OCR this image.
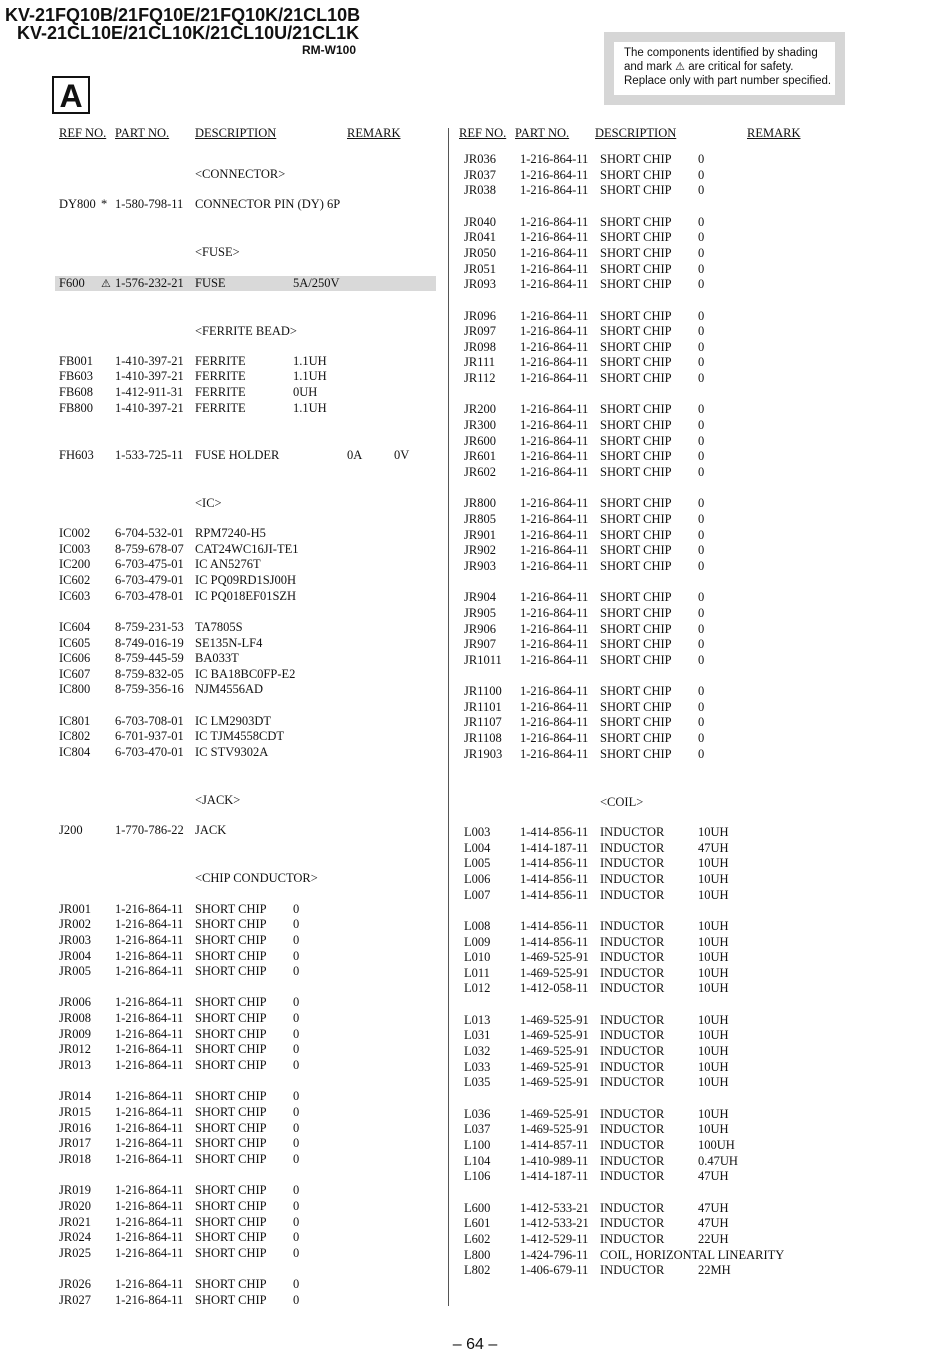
KV-21FQ10B/21FQ10E/21FQ10K/21CL10B
KV-21CL10E/21CL10K/21CL10U/21CL1K
RM-W100	The components identified by shading
and mark ⚠ are critical for safety.
Replace only with part number specified.
A
REF NO. PART NO. DESCRIPTION	REMARK	REF NO. PART NO. DESCRIPTION	REMARK
<CONNECTOR>
DY800 * 1-580-798-11 CONNECTOR PIN (DY) 6P
<FUSE>
F600 ⚠ 1-576-232-21 FUSE	5A/250V
<FERRITE BEAD>
FB001 1-410-397-21 FERRITE	1.1UH
FB603 1-410-397-21 FERRITE	1.1UH
FB608 1-412-911-31 FERRITE	0UH
FB800 1-410-397-21 FERRITE	1.1UH
FH603 1-533-725-11 FUSE HOLDER	0A	0V
<IC>
IC002 6-704-532-01 RPM7240-H5
IC003 8-759-678-07 CAT24WC16JI-TE1
IC200 6-703-475-01 IC AN5276T
IC602 6-703-479-01 IC PQ09RD1SJ00H
IC603 6-703-478-01 IC PQ018EF01SZH
IC604 8-759-231-53 TA7805S
IC605 8-749-016-19 SE135N-LF4
IC606 8-759-445-59 BA033T
IC607 8-759-832-05 IC BA18BC0FP-E2
IC800 8-759-356-16 NJM4556AD
IC801 6-703-708-01 IC LM2903DT
IC802 6-701-937-01 IC TJM4558CDT
IC804 6-703-470-01 IC STV9302A
<JACK>
J200	1-770-786-22 JACK
<CHIP CONDUCTOR>
JR001 1-216-864-11 SHORT CHIP 0
JR002 1-216-864-11 SHORT CHIP 0
JR003 1-216-864-11 SHORT CHIP 0
JR004 1-216-864-11 SHORT CHIP 0
JR005 1-216-864-11 SHORT CHIP 0
JR006 1-216-864-11 SHORT CHIP 0
JR008 1-216-864-11 SHORT CHIP 0
JR009 1-216-864-11 SHORT CHIP 0
JR012 1-216-864-11 SHORT CHIP 0
JR013 1-216-864-11 SHORT CHIP 0
JR014 1-216-864-11 SHORT CHIP 0
JR015 1-216-864-11 SHORT CHIP 0
JR016 1-216-864-11 SHORT CHIP 0
JR017 1-216-864-11 SHORT CHIP 0
JR018 1-216-864-11 SHORT CHIP 0
JR019 1-216-864-11 SHORT CHIP 0
JR020 1-216-864-11 SHORT CHIP 0
JR021 1-216-864-11 SHORT CHIP 0
JR024 1-216-864-11 SHORT CHIP 0
JR025 1-216-864-11 SHORT CHIP 0
JR026 1-216-864-11 SHORT CHIP 0
JR027 1-216-864-11 SHORT CHIP 0
JR036 1-216-864-11 SHORT CHIP 0
JR037 1-216-864-11 SHORT CHIP 0
JR038 1-216-864-11 SHORT CHIP 0
JR040 1-216-864-11 SHORT CHIP 0
JR041 1-216-864-11 SHORT CHIP 0
JR050 1-216-864-11 SHORT CHIP 0
JR051 1-216-864-11 SHORT CHIP 0
JR093 1-216-864-11 SHORT CHIP 0
JR096 1-216-864-11 SHORT CHIP 0
JR097 1-216-864-11 SHORT CHIP 0
JR098 1-216-864-11 SHORT CHIP 0
JR111 1-216-864-11 SHORT CHIP 0
JR112 1-216-864-11 SHORT CHIP 0
JR200 1-216-864-11 SHORT CHIP 0
JR300 1-216-864-11 SHORT CHIP 0
JR600 1-216-864-11 SHORT CHIP 0
JR601 1-216-864-11 SHORT CHIP 0
JR602 1-216-864-11 SHORT CHIP 0
JR800 1-216-864-11 SHORT CHIP 0
JR805 1-216-864-11 SHORT CHIP 0
JR901 1-216-864-11 SHORT CHIP 0
JR902 1-216-864-11 SHORT CHIP 0
JR903 1-216-864-11 SHORT CHIP 0
JR904 1-216-864-11 SHORT CHIP 0
JR905 1-216-864-11 SHORT CHIP 0
JR906 1-216-864-11 SHORT CHIP 0
JR907 1-216-864-11 SHORT CHIP 0
JR1011 1-216-864-11 SHORT CHIP 0
JR1100 1-216-864-11 SHORT CHIP 0
JR1101 1-216-864-11 SHORT CHIP 0
JR1107 1-216-864-11 SHORT CHIP 0
JR1108 1-216-864-11 SHORT CHIP 0
JR1903 1-216-864-11 SHORT CHIP 0
<COIL>
L003 1-414-856-11 INDUCTOR	10UH
L004 1-414-187-11 INDUCTOR	47UH
L005 1-414-856-11 INDUCTOR	10UH
L006 1-414-856-11 INDUCTOR	10UH
L007 1-414-856-11 INDUCTOR	10UH
L008 1-414-856-11 INDUCTOR	10UH
L009 1-414-856-11 INDUCTOR	10UH
L010 1-469-525-91 INDUCTOR	10UH
L011 1-469-525-91 INDUCTOR	10UH
L012 1-412-058-11 INDUCTOR	10UH
L013 1-469-525-91 INDUCTOR	10UH
L031 1-469-525-91 INDUCTOR	10UH
L032 1-469-525-91 INDUCTOR	10UH
L033 1-469-525-91 INDUCTOR	10UH
L035 1-469-525-91 INDUCTOR	10UH
L036 1-469-525-91 INDUCTOR	10UH
L037 1-469-525-91 INDUCTOR	10UH
L100 1-414-857-11 INDUCTOR	100UH
L104 1-410-989-11 INDUCTOR	0.47UH
L106 1-414-187-11 INDUCTOR	47UH
L600 1-412-533-21 INDUCTOR	47UH
L601 1-412-533-21 INDUCTOR	47UH
L602 1-412-529-11 INDUCTOR	22UH
L800 1-424-796-11 COIL, HORIZONTAL LINEARITY
L802 1-406-679-11 INDUCTOR	22MH
– 64 –
